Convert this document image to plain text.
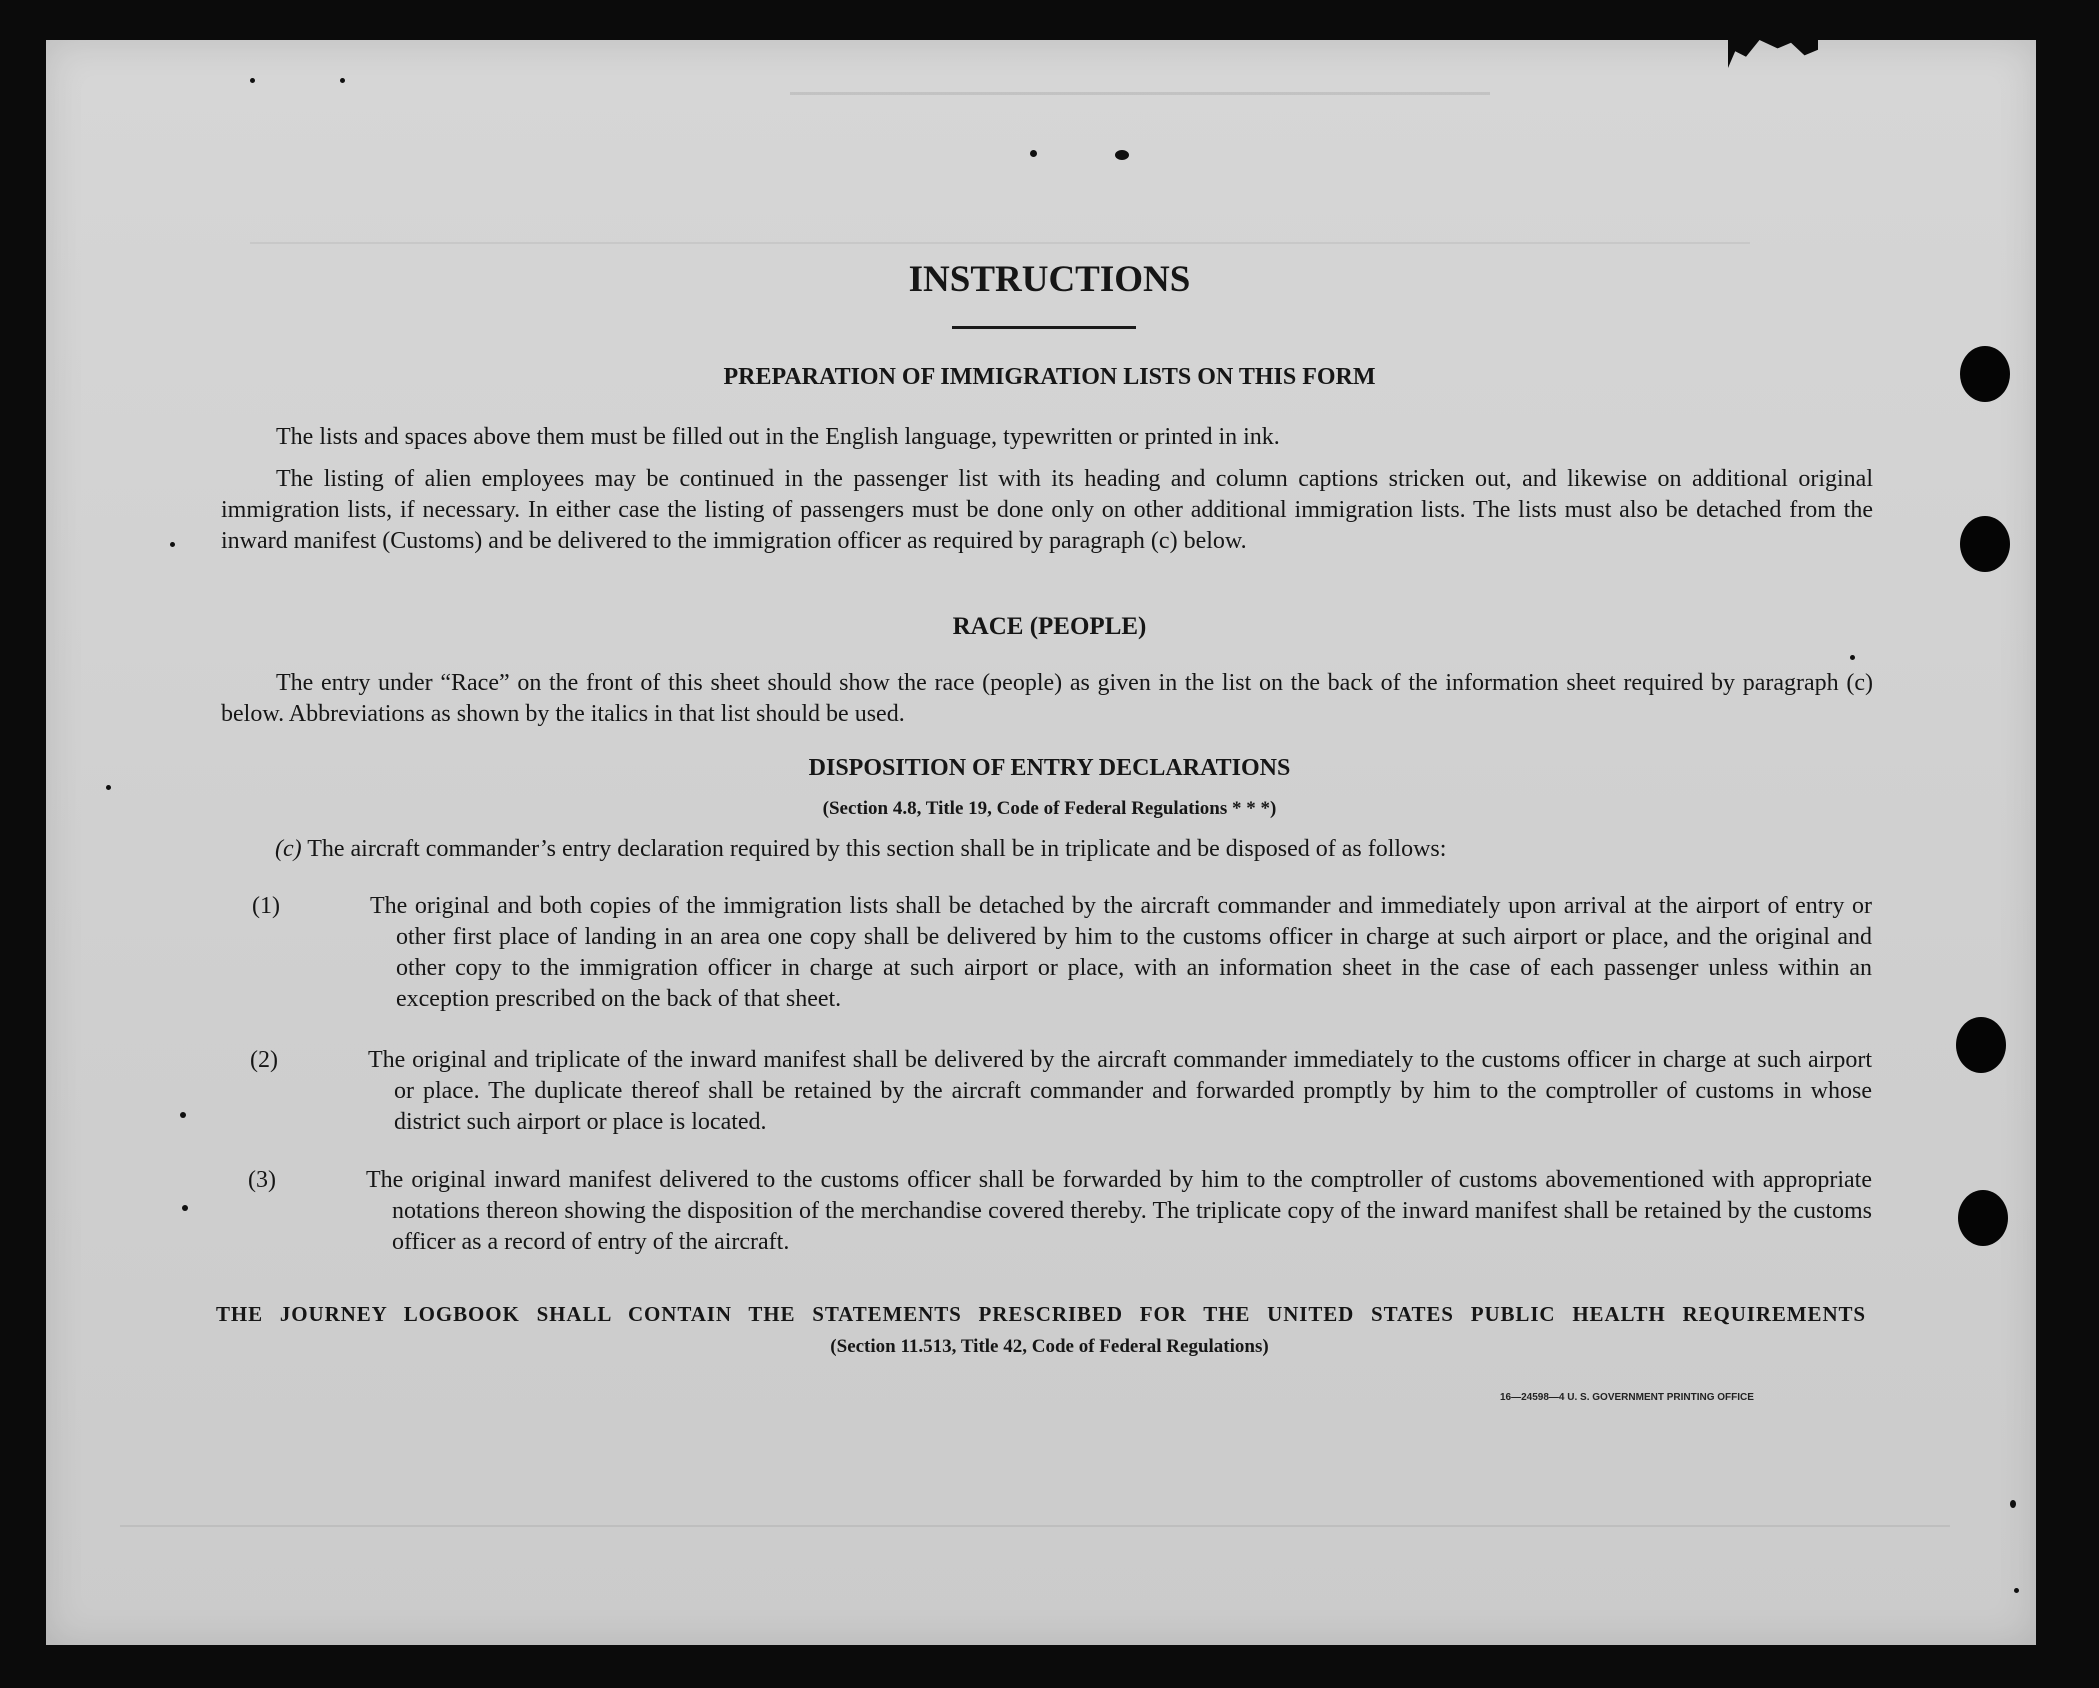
INSTRUCTIONS
PREPARATION OF IMMIGRATION LISTS ON THIS FORM
The lists and spaces above them must be filled out in the English language, typewritten or printed in ink.
The listing of alien employees may be continued in the passenger list with its heading and column captions stricken out, and likewise on additional original immigration lists, if necessary. In either case the listing of passengers must be done only on other additional immigration lists. The lists must also be detached from the inward manifest (Customs) and be delivered to the immigration officer as required by paragraph (c) below.
RACE (PEOPLE)
The entry under “Race” on the front of this sheet should show the race (people) as given in the list on the back of the information sheet required by paragraph (c) below. Abbreviations as shown by the italics in that list should be used.
DISPOSITION OF ENTRY DECLARATIONS
(Section 4.8, Title 19, Code of Federal Regulations * * *)
(c) The aircraft commander’s entry declaration required by this section shall be in triplicate and be disposed of as follows:
(1)	The original and both copies of the immigration lists shall be detached by the aircraft commander and immediately upon arrival at the airport of entry or other first place of landing in an area one copy shall be delivered by him to the customs officer in charge at such airport or place, and the original and other copy to the immigration officer in charge at such airport or place, with an information sheet in the case of each passenger unless within an exception prescribed on the back of that sheet.
(2)	The original and triplicate of the inward manifest shall be delivered by the aircraft commander immediately to the customs officer in charge at such airport or place. The duplicate thereof shall be retained by the aircraft commander and forwarded promptly by him to the comptroller of customs in whose district such airport or place is located.
(3)	The original inward manifest delivered to the customs officer shall be forwarded by him to the comptroller of customs abovementioned with appropriate notations thereon showing the disposition of the merchandise covered thereby. The triplicate copy of the inward manifest shall be retained by the customs officer as a record of entry of the aircraft.
THE JOURNEY LOGBOOK SHALL CONTAIN THE STATEMENTS PRESCRIBED FOR THE UNITED STATES PUBLIC HEALTH REQUIREMENTS
(Section 11.513, Title 42, Code of Federal Regulations)
16—24598—4 U. S. GOVERNMENT PRINTING OFFICE
